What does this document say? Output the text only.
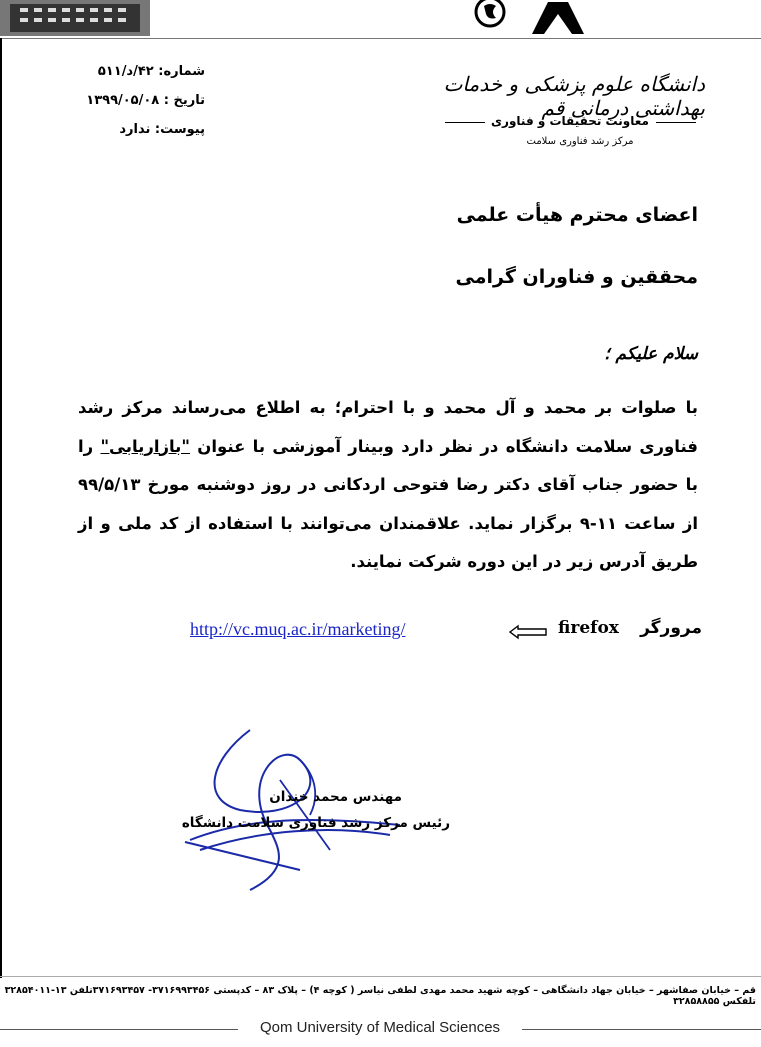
شماره: ۴۲/د/۵۱۱
تاریخ : ۱۳۹۹/۰۵/۰۸
پیوست: ندارد
دانشگاه علوم پزشکی و خدمات بهداشتی درمانی قم
معاونت تحقیقات و فناوری
مرکز رشد فناوری سلامت
اعضای محترم هیأت علمی
محققین و فناوران گرامی
سلام علیکم ؛
با صلوات بر محمد و آل محمد و با احترام؛ به اطلاع می‌رساند مرکز رشد فناوری سلامت دانشگاه در نظر دارد وبینار آموزشی با عنوان "بازاریابی" را با حضور جناب آقای دکتر رضا فتوحی اردکانی در روز دوشنبه مورخ ۹۹/۵/۱۳ از ساعت ۱۱-۹ برگزار نماید. علاقمندان می‌توانند با استفاده از کد ملی و از طریق آدرس زیر در این دوره شرکت نمایند.
مرورگر
firefox
http://vc.muq.ac.ir/marketing/
مهندس محمد خندان
رئیس مرکز رشد فناوری سلامت دانشگاه
قم – خیابان صفاشهر – خیابان جهاد دانشگاهی – کوچه شهید محمد مهدی لطفی نیاسر ( کوچه ۴) – پلاک ۸۳ – کدپستی ۳۷۱۶۹۹۳۴۵۶- ۳۷۱۶۹۳۴۵۷تلفن ۱۳-۳۲۸۵۴۰۱۱ تلفکس ۳۲۸۵۸۸۵۵
Qom University of Medical Sciences
